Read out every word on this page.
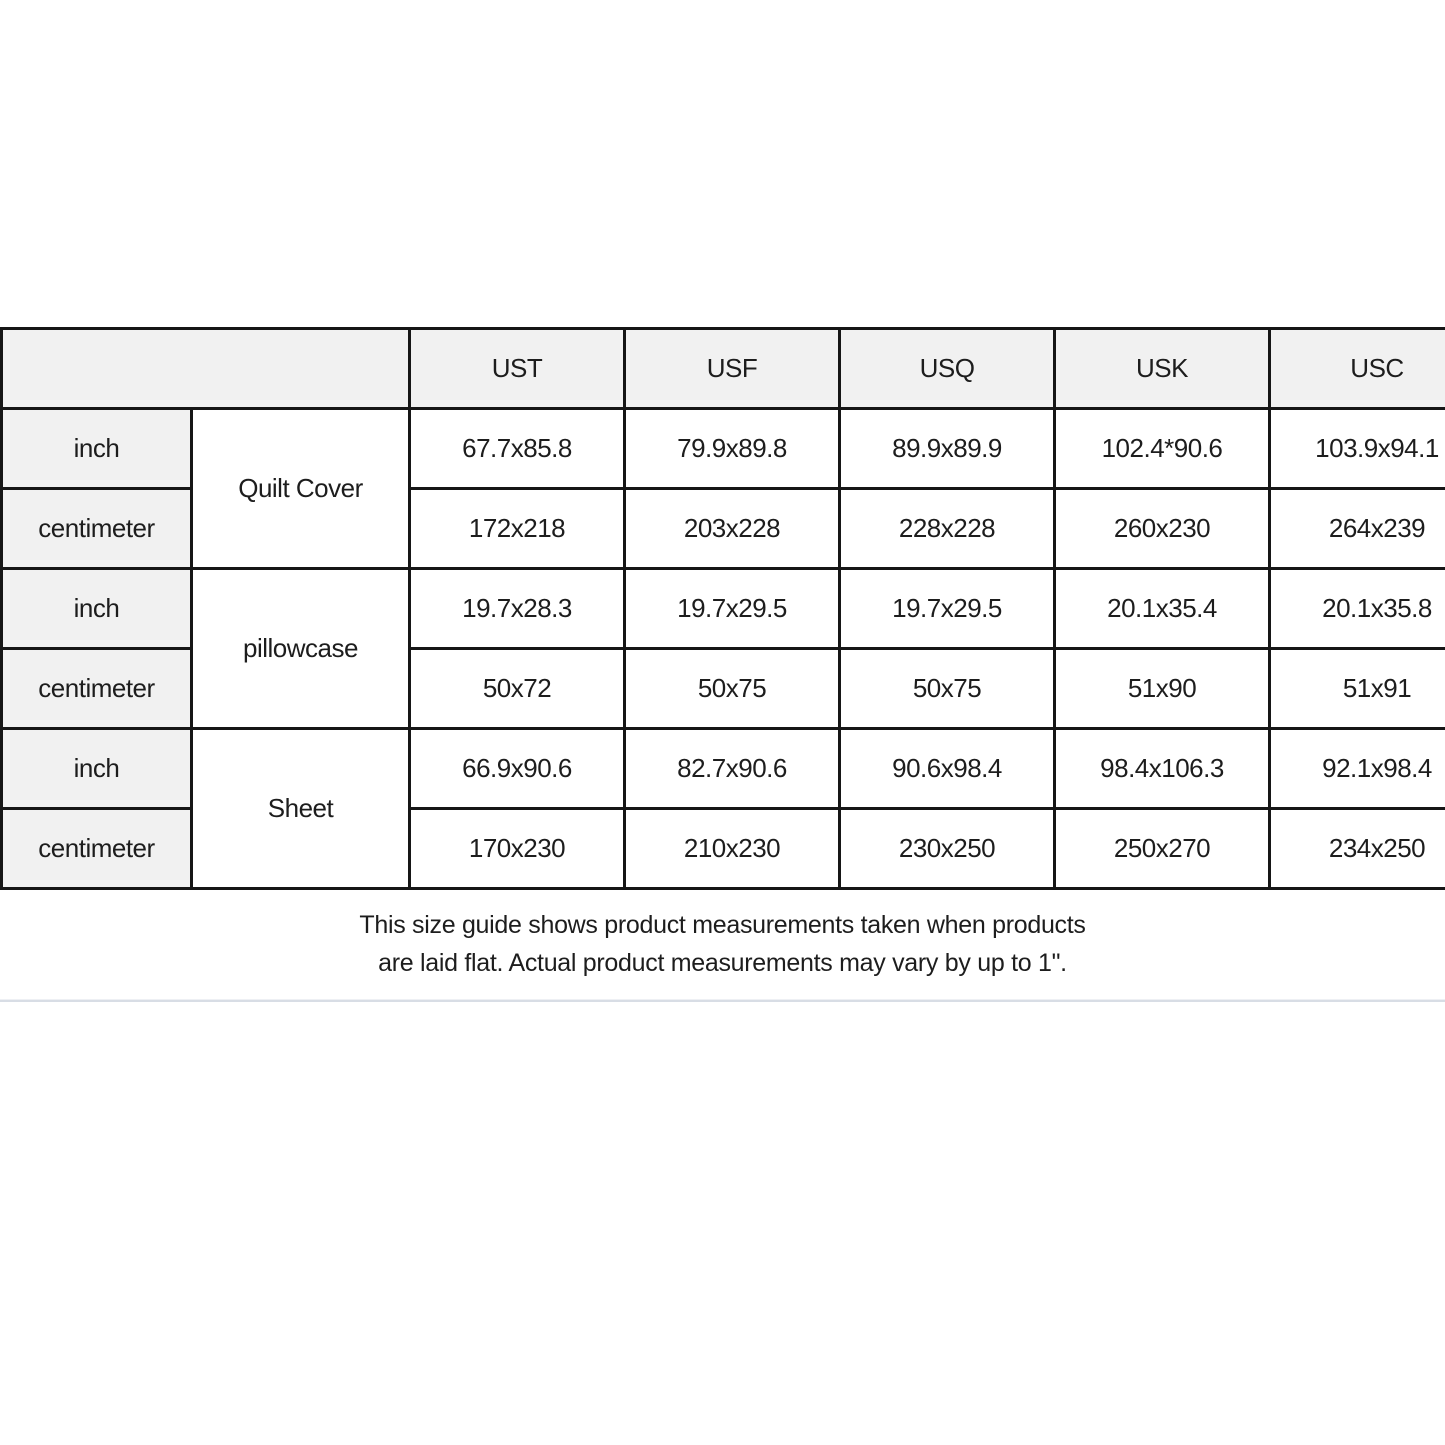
		UST	USF	USQ	USK	USC
inch	Quilt Cover	67.7x85.8	79.9x89.8	89.9x89.9	102.4*90.6	103.9x94.1
centimeter		172x218	203x228	228x228	260x230	264x239
inch	pillowcase	19.7x28.3	19.7x29.5	19.7x29.5	20.1x35.4	20.1x35.8
centimeter		50x72	50x75	50x75	51x90	51x91
inch	Sheet	66.9x90.6	82.7x90.6	90.6x98.4	98.4x106.3	92.1x98.4
centimeter		170x230	210x230	230x250	250x270	234x250
This size guide shows product measurements taken when products
are laid flat. Actual product measurements may vary by up to 1".
